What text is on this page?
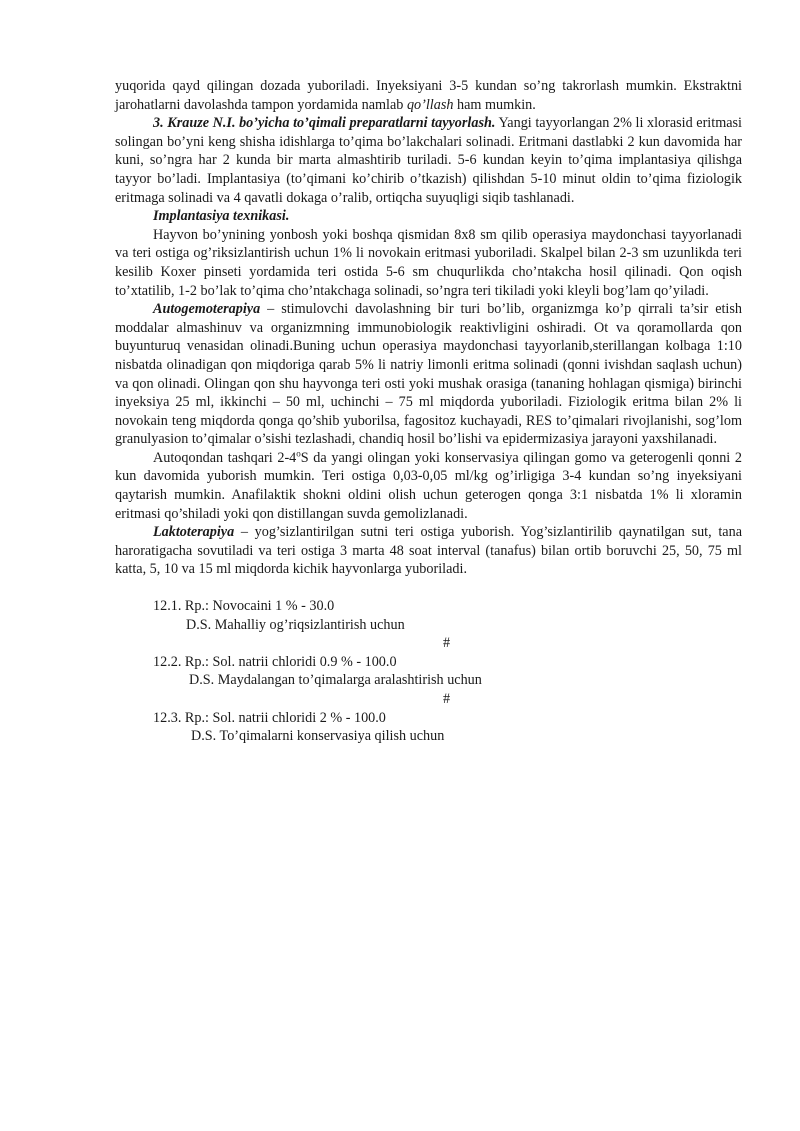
yuqorida qayd qilingan dozada yuboriladi. Inyeksiyani 3-5 kundan so’ng takrorlash mumkin. Ekstraktni jarohatlarni davolashda tampon yordamida namlab qo’llash ham mumkin.

3. Krauze N.I. bo’yicha to’qimali preparatlarni tayyorlash. Yangi tayyorlangan 2% li xlorasid eritmasi solingan bo’yni keng shisha idishlarga to’qima bo’lakchalari solinadi. Eritmani dastlabki 2 kun davomida har kuni, so’ngra har 2 kunda bir marta almashtirib turiladi. 5-6 kundan keyin to’qima implantasiya qilishga tayyor bo’ladi. Implantasiya (to’qimani ko’chirib o’tkazish) qilishdan 5-10 minut oldin to’qima fiziologik eritmaga solinadi va 4 qavatli dokaga o’ralib, ortiqcha suyuqligi siqib tashlanadi.

Implantasiya texnikasi.

Hayvon bo’ynining yonbosh yoki boshqa qismidan 8x8 sm qilib operasiya maydonchasi tayyorlanadi va teri ostiga og’riksizlantirish uchun 1% li novokain eritmasi yuboriladi. Skalpel bilan 2-3 sm uzunlikda teri kesilib Koxer pinseti yordamida teri ostida 5-6 sm chuqurlikda cho’ntakcha hosil qilinadi. Qon oqish to’xtatilib, 1-2 bo’lak to’qima cho’ntakchaga solinadi, so’ngra teri tikiladi yoki kleyli bog’lam qo’yiladi.

Autogemoterapiya – stimulovchi davolashning bir turi bo’lib, organizmga ko’p qirrali ta’sir etish moddalar almashinuv va organizmning immunobiologik reaktivligini oshiradi. Ot va qoramollarda qon buyunturuq venasidan olinadi.Buning uchun operasiya maydonchasi tayyorlanib,sterillangan kolbaga 1:10 nisbatda olinadigan qon miqdoriga qarab 5% li natriy limonli eritma solinadi (qonni ivishdan saqlash uchun) va qon olinadi. Olingan qon shu hayvonga teri osti yoki mushak orasiga (tananing hohlagan qismiga) birinchi inyeksiya 25 ml, ikkinchi – 50 ml, uchinchi – 75 ml miqdorda yuboriladi. Fiziologik eritma bilan 2% li novokain teng miqdorda qonga qo’shib yuborilsa, fagositoz kuchayadi, RES to’qimalari rivojlanishi, sog’lom granulyasion to’qimalar o’sishi tezlashadi, chandiq hosil bo’lishi va epidermizasiya jarayoni yaxshilanadi.

Autoqondan tashqari 2-4$^o$S da yangi olingan yoki konservasiya qilingan gomo va geterogenli qonni 2 kun davomida yuborish mumkin. Teri ostiga 0,03-0,05 ml/kg og’irligiga 3-4 kundan so’ng inyeksiyani qaytarish mumkin. Anafilaktik shokni oldini olish uchun geterogen qonga 3:1 nisbatda 1% li xloramin eritmasi qo’shiladi yoki qon distillangan suvda gemolizlanadi.

Laktoterapiya – yog’sizlantirilgan sutni teri ostiga yuborish. Yog’sizlantirilib qaynatilgan sut, tana haroratigacha sovutiladi va teri ostiga 3 marta 48 soat interval (tanafus) bilan ortib boruvchi 25, 50, 75 ml katta, 5, 10 va 15 ml miqdorda kichik hayvonlarga yuboriladi.

12.1. Rp.: Novocaini 1 % - 30.0

D.S. Mahalliy og’riqsizlantirish uchun

#

12.2. Rp.: Sol. natrii chloridi 0.9 % - 100.0

D.S. Maydalangan to’qimalarga aralashtirish uchun

#

12.3. Rp.: Sol. natrii chloridi 2 % - 100.0

D.S. To’qimalarni konservasiya qilish uchun
